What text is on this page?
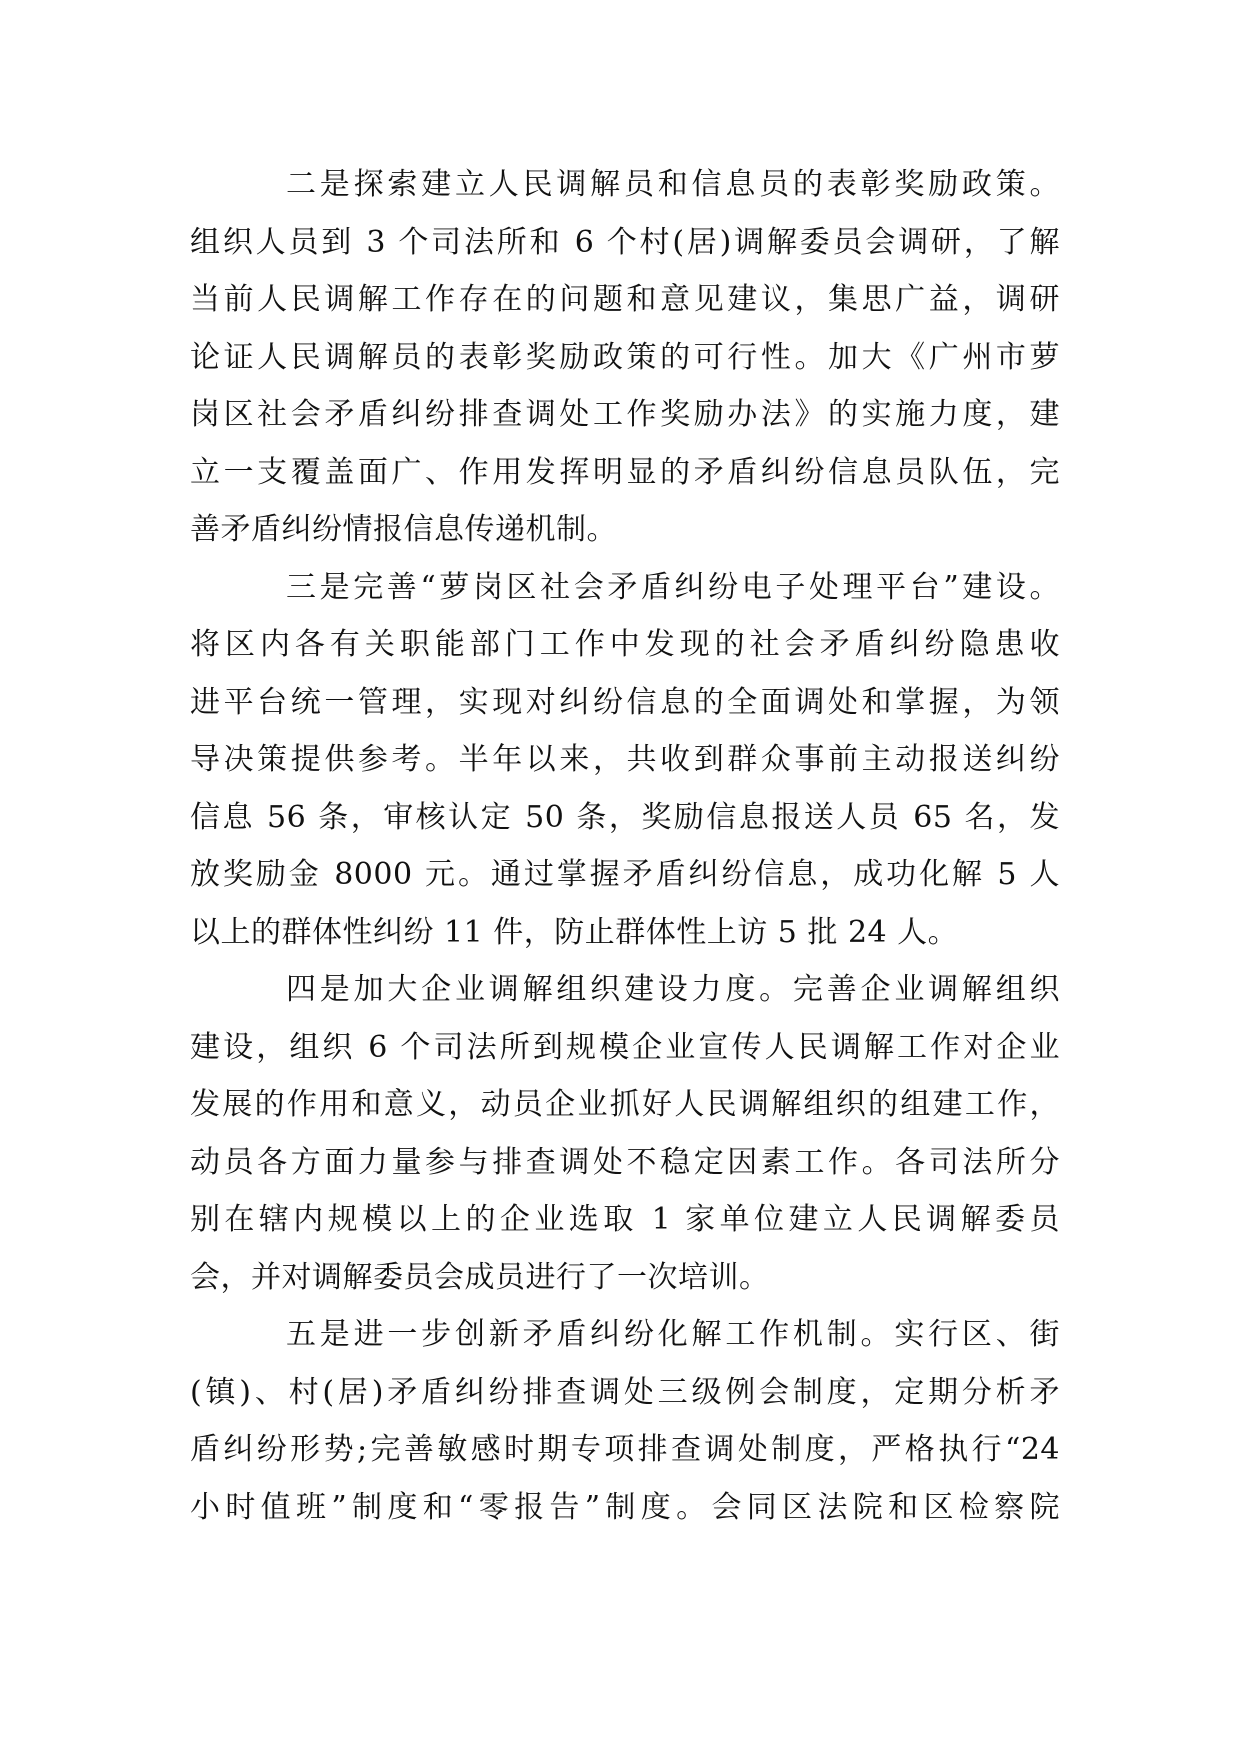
二是探索建立人民调解员和信息员的表彰奖励政策。
组织人员到 3 个司法所和 6 个村(居)调解委员会调研，了解
当前人民调解工作存在的问题和意见建议，集思广益，调研
论证人民调解员的表彰奖励政策的可行性。加大《广州市萝
岗区社会矛盾纠纷排查调处工作奖励办法》的实施力度，建
立一支覆盖面广、作用发挥明显的矛盾纠纷信息员队伍，完
善矛盾纠纷情报信息传递机制。
三是完善“萝岗区社会矛盾纠纷电子处理平台”建设。
将区内各有关职能部门工作中发现的社会矛盾纠纷隐患收
进平台统一管理，实现对纠纷信息的全面调处和掌握，为领
导决策提供参考。半年以来，共收到群众事前主动报送纠纷
信息 56 条，审核认定 50 条，奖励信息报送人员 65 名，发
放奖励金 8000 元。通过掌握矛盾纠纷信息，成功化解 5 人
以上的群体性纠纷 11 件，防止群体性上访 5 批 24 人。
四是加大企业调解组织建设力度。完善企业调解组织
建设，组织 6 个司法所到规模企业宣传人民调解工作对企业
发展的作用和意义，动员企业抓好人民调解组织的组建工作，
动员各方面力量参与排查调处不稳定因素工作。各司法所分
别在辖内规模以上的企业选取 1 家单位建立人民调解委员
会，并对调解委员会成员进行了一次培训。
五是进一步创新矛盾纠纷化解工作机制。实行区、街
(镇)、村(居)矛盾纠纷排查调处三级例会制度，定期分析矛
盾纠纷形势;完善敏感时期专项排查调处制度，严格执行“24
小时值班”制度和“零报告”制度。会同区法院和区检察院
